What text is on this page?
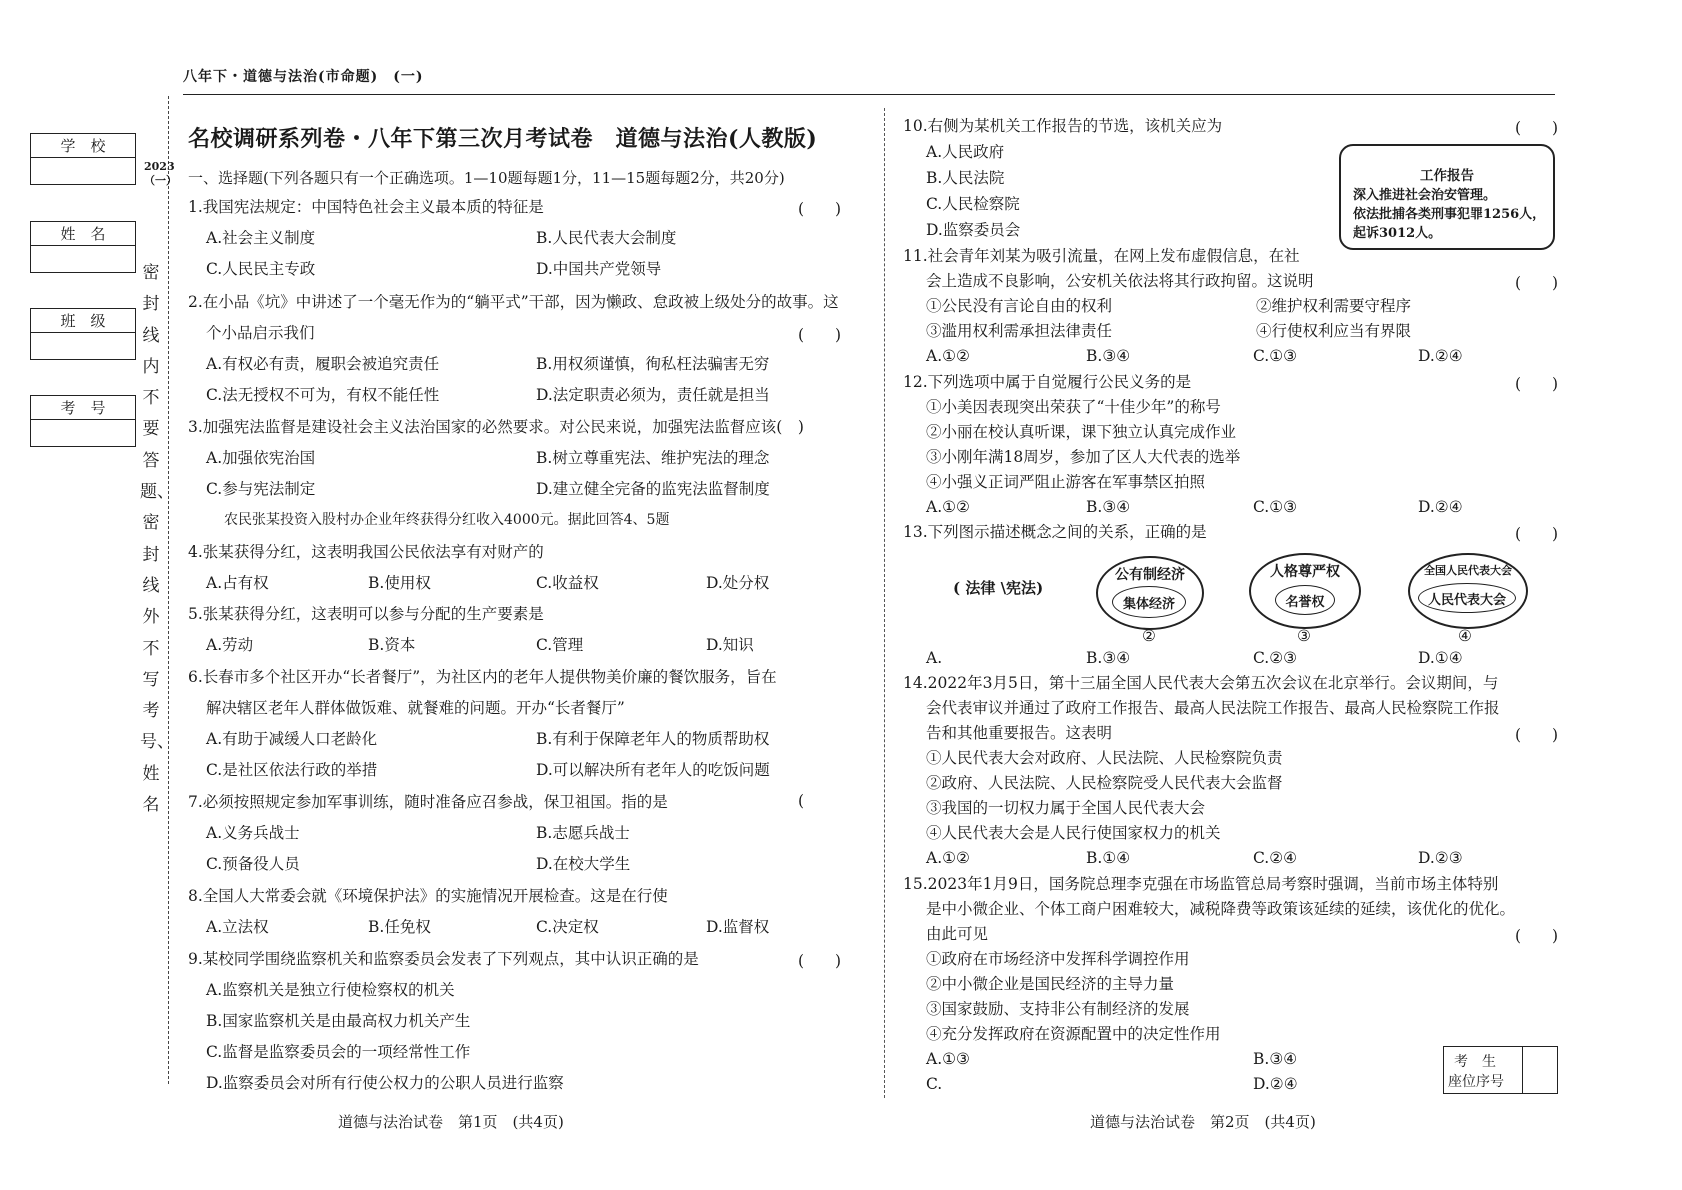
八年下・道德与法治(市命题)　(一)
学　校
姓　名
班　级
考　号
2023（一）
密封线内不要答题、密封线外不写考号、姓名
名校调研系列卷・八年下第三次月考试卷　道德与法治(人教版)
一、选择题(下列各题只有一个正确选项。1—10题每题1分，11—15题每题2分，共20分)
1.我国宪法规定：中国特色社会主义最本质的特征是	(　　)
A.社会主义制度	B.人民代表大会制度
C.人民民主专政	D.中国共产党领导
2.在小品《坑》中讲述了一个毫无作为的“躺平式”干部，因为懒政、怠政被上级处分的故事。这
个小品启示我们	(　　)
A.有权必有责，履职会被追究责任	B.用权须谨慎，徇私枉法骗害无穷
C.法无授权不可为，有权不能任性	D.法定职责必须为，责任就是担当
3.加强宪法监督是建设社会主义法治国家的必然要求。对公民来说，加强宪法监督应该(　)
A.加强依宪治国	B.树立尊重宪法、维护宪法的理念
C.参与宪法制定	D.建立健全完备的监宪法监督制度
农民张某投资入股村办企业年终获得分红收入4000元。据此回答4、5题
4.张某获得分红，这表明我国公民依法享有对财产的
A.占有权	B.使用权	C.收益权	D.处分权
5.张某获得分红，这表明可以参与分配的生产要素是
A.劳动	B.资本	C.管理	D.知识
6.长春市多个社区开办“长者餐厅”，为社区内的老年人提供物美价廉的餐饮服务，旨在
解决辖区老年人群体做饭难、就餐难的问题。开办“长者餐厅”
A.有助于减缓人口老龄化	B.有利于保障老年人的物质帮助权
C.是社区依法行政的举措	D.可以解决所有老年人的吃饭问题
7.必须按照规定参加军事训练，随时准备应召参战，保卫祖国。指的是	(
A.义务兵战士	B.志愿兵战士
C.预备役人员	D.在校大学生
8.全国人大常委会就《环境保护法》的实施情况开展检查。这是在行使
A.立法权	B.任免权	C.决定权	D.监督权
9.某校同学围绕监察机关和监察委员会发表了下列观点，其中认识正确的是	(　　)
A.监察机关是独立行使检察权的机关
B.国家监察机关是由最高权力机关产生
C.监督是监察委员会的一项经常性工作
D.监察委员会对所有行使公权力的公职人员进行监察
道德与法治试卷　第1页　(共4页)
10.右侧为某机关工作报告的节选，该机关应为	(　　)
A.人民政府
B.人民法院
C.人民检察院
D.监察委员会
工作报告
深入推进社会治安管理。
依法批捕各类刑事犯罪1256人，
起诉3012人。
11.社会青年刘某为吸引流量，在网上发布虚假信息，在社
会上造成不良影响，公安机关依法将其行政拘留。这说明	(　　)
①公民没有言论自由的权利	②维护权利需要守程序
③滥用权利需承担法律责任	④行使权利应当有界限
A.①②	B.③④	C.①③	D.②④
12.下列选项中属于自觉履行公民义务的是	(　　)
①小美因表现突出荣获了“十佳少年”的称号
②小丽在校认真听课，课下独立认真完成作业
③小刚年满18周岁，参加了区人大代表的选举
④小强义正词严阻止游客在军事禁区拍照
A.①②	B.③④	C.①③	D.②④
13.下列图示描述概念之间的关系，正确的是	(　　)
( 法律 \宪法)
公有制经济
集体经济
②
人格尊严权
名誉权
③
全国人民代表大会
人民代表大会
④
A.	B.③④	C.②③	D.①④
14.2022年3月5日，第十三届全国人民代表大会第五次会议在北京举行。会议期间，与
会代表审议并通过了政府工作报告、最高人民法院工作报告、最高人民检察院工作报
告和其他重要报告。这表明	(　　)
①人民代表大会对政府、人民法院、人民检察院负责
②政府、人民法院、人民检察院受人民代表大会监督
③我国的一切权力属于全国人民代表大会
④人民代表大会是人民行使国家权力的机关
A.①②	B.①④	C.②④	D.②③
15.2023年1月9日，国务院总理李克强在市场监管总局考察时强调，当前市场主体特别
是中小微企业、个体工商户困难较大，减税降费等政策该延续的延续，该优化的优化。
由此可见	(　　)
①政府在市场经济中发挥科学调控作用
②中小微企业是国民经济的主导力量
③国家鼓励、支持非公有制经济的发展
④充分发挥政府在资源配置中的决定性作用
A.①③	B.③④
C.	D.②④
考　生
座位序号
道德与法治试卷　第2页　(共4页)
